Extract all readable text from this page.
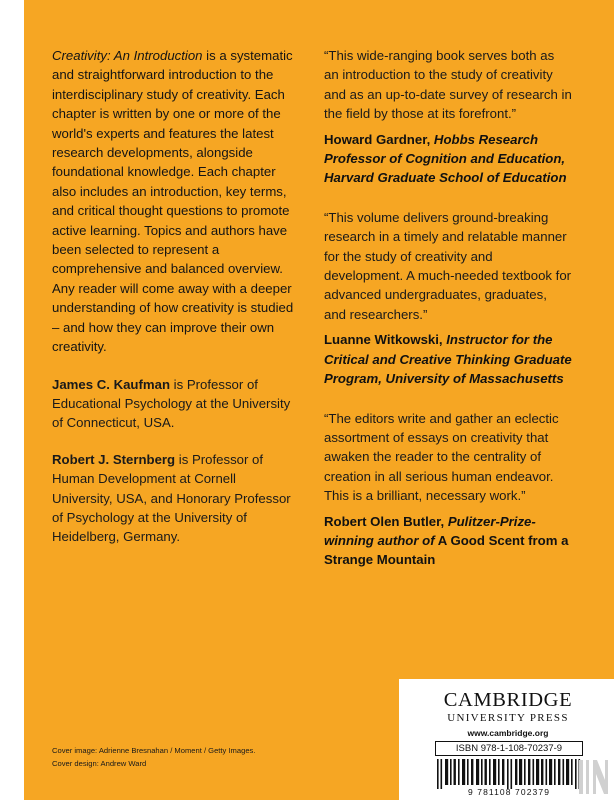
Creativity: An Introduction is a systematic and straightforward introduction to the interdisciplinary study of creativity. Each chapter is written by one or more of the world's experts and features the latest research developments, alongside foundational knowledge. Each chapter also includes an introduction, key terms, and critical thought questions to promote active learning. Topics and authors have been selected to represent a comprehensive and balanced overview. Any reader will come away with a deeper understanding of how creativity is studied – and how they can improve their own creativity.

James C. Kaufman is Professor of Educational Psychology at the University of Connecticut, USA.

Robert J. Sternberg is Professor of Human Development at Cornell University, USA, and Honorary Professor of Psychology at the University of Heidelberg, Germany.

“This wide-ranging book serves both as an introduction to the study of creativity and as an up-to-date survey of research in the field by those at its forefront.”

Howard Gardner, Hobbs Research Professor of Cognition and Education, Harvard Graduate School of Education

“This volume delivers ground-breaking research in a timely and relatable manner for the study of creativity and development. A much-needed textbook for advanced undergraduates, graduates, and researchers.”

Luanne Witkowski, Instructor for the Critical and Creative Thinking Graduate Program, University of Massachusetts

“The editors write and gather an eclectic assortment of essays on creativity that awaken the reader to the centrality of creation in all serious human endeavor. This is a brilliant, necessary work.”

Robert Olen Butler, Pulitzer-Prize-winning author of A Good Scent from a Strange Mountain

CAMBRIDGE
UNIVERSITY PRESS
www.cambridge.org
ISBN 978-1-108-70237-9
9 781108 702379
Cover image: Adrienne Bresnahan / Moment / Getty Images.
Cover design: Andrew Ward
